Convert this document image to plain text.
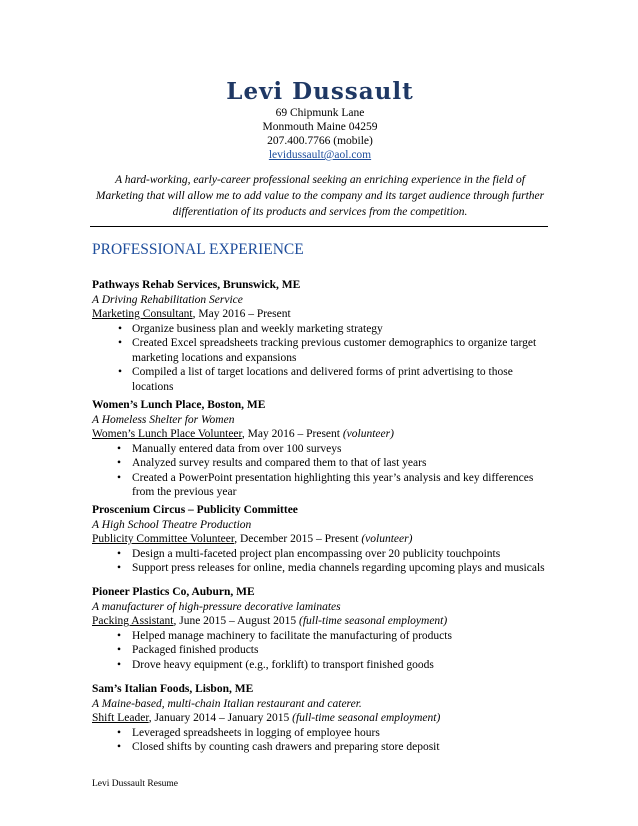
Levi Dussault
69 Chipmunk Lane
Monmouth Maine 04259
207.400.7766 (mobile)
levidussault@aol.com
A hard-working, early-career professional seeking an enriching experience in the field of Marketing that will allow me to add value to the company and its target audience through further differentiation of its products and services from the competition.
PROFESSIONAL EXPERIENCE
Pathways Rehab Services, Brunswick, ME
A Driving Rehabilitation Service
Marketing Consultant, May 2016 – Present
• Organize business plan and weekly marketing strategy
• Created Excel spreadsheets tracking previous customer demographics to organize target marketing locations and expansions
• Compiled a list of target locations and delivered forms of print advertising to those locations
Women’s Lunch Place, Boston, ME
A Homeless Shelter for Women
Women’s Lunch Place Volunteer, May 2016 – Present (volunteer)
• Manually entered data from over 100 surveys
• Analyzed survey results and compared them to that of last years
• Created a PowerPoint presentation highlighting this year’s analysis and key differences from the previous year
Proscenium Circus – Publicity Committee
A High School Theatre Production
Publicity Committee Volunteer, December 2015 – Present (volunteer)
• Design a multi-faceted project plan encompassing over 20 publicity touchpoints
• Support press releases for online, media channels regarding upcoming plays and musicals
Pioneer Plastics Co, Auburn, ME
A manufacturer of high-pressure decorative laminates
Packing Assistant, June 2015 – August 2015 (full-time seasonal employment)
• Helped manage machinery to facilitate the manufacturing of products
• Packaged finished products
• Drove heavy equipment (e.g., forklift) to transport finished goods
Sam’s Italian Foods, Lisbon, ME
A Maine-based, multi-chain Italian restaurant and caterer.
Shift Leader, January 2014 – January 2015 (full-time seasonal employment)
• Leveraged spreadsheets in logging of employee hours
• Closed shifts by counting cash drawers and preparing store deposit
Levi Dussault Resume
